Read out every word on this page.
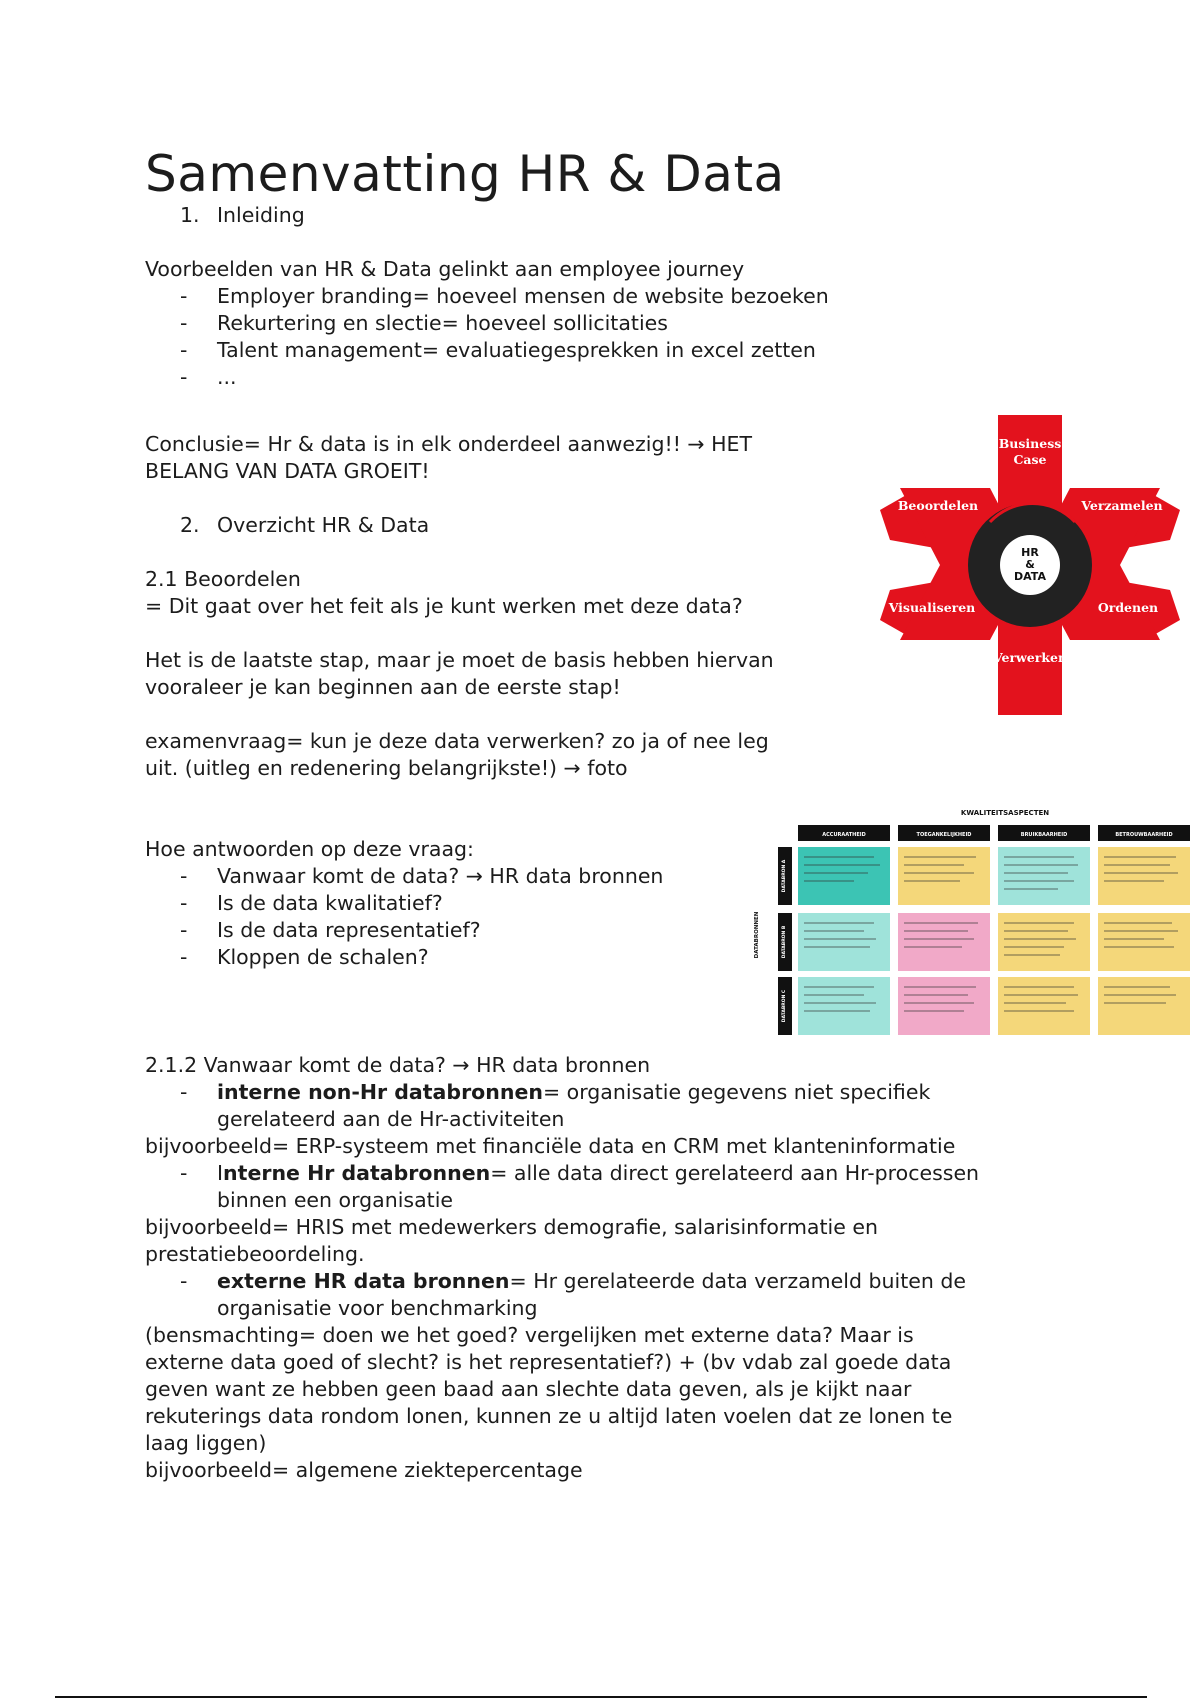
Samenvatting HR & Data
1. Inleiding
Voorbeelden van HR & Data gelinkt aan employee journey
- Employer branding= hoeveel mensen de website bezoeken
- Rekurtering en slectie= hoeveel sollicitaties
- Talent management= evaluatiegesprekken in excel zetten
- ...
Conclusie= Hr & data is in elk onderdeel aanwezig!! → HET
BELANG VAN DATA GROEIT!
2. Overzicht HR & Data
2.1 Beoordelen
= Dit gaat over het feit als je kunt werken met deze data?
Het is de laatste stap, maar je moet de basis hebben hiervan
vooraleer je kan beginnen aan de eerste stap!
examenvraag= kun je deze data verwerken? zo ja of nee leg
uit. (uitleg en redenering belangrijkste!) → foto
Hoe antwoorden op deze vraag:
- Vanwaar komt de data? → HR data bronnen
- Is de data kwalitatief?
- Is de data representatief?
- Kloppen de schalen?
2.1.2 Vanwaar komt de data? → HR data bronnen
- interne non-Hr databronnen= organisatie gegevens niet specifiek
gerelateerd aan de Hr-activiteiten
bijvoorbeeld= ERP-systeem met financiële data en CRM met klanteninformatie
- Interne Hr databronnen= alle data direct gerelateerd aan Hr-processen
binnen een organisatie
bijvoorbeeld= HRIS met medewerkers demografie, salarisinformatie en
prestatiebeoordeling.
- externe HR data bronnen= Hr gerelateerde data verzameld buiten de
organisatie voor benchmarking
(bensmachting= doen we het goed? vergelijken met externe data? Maar is
externe data goed of slecht? is het representatief?) + (bv vdab zal goede data
geven want ze hebben geen baad aan slechte data geven, als je kijkt naar
rekuterings data rondom lonen, kunnen ze u altijd laten voelen dat ze lonen te
laag liggen)
bijvoorbeeld= algemene ziektepercentage
HR
&
DATA
Business
Case
Verzamelen
Beoordelen
Ordenen
Visualiseren
Verwerken
KWALITEITSASPECTEN
ACCURAATHEID	TOEGANKELIJKHEID	BRUIKBAARHEID	BETROUWBAARHEID
DATABRONNEN
DATABRON A
DATABRON B
DATABRON C
